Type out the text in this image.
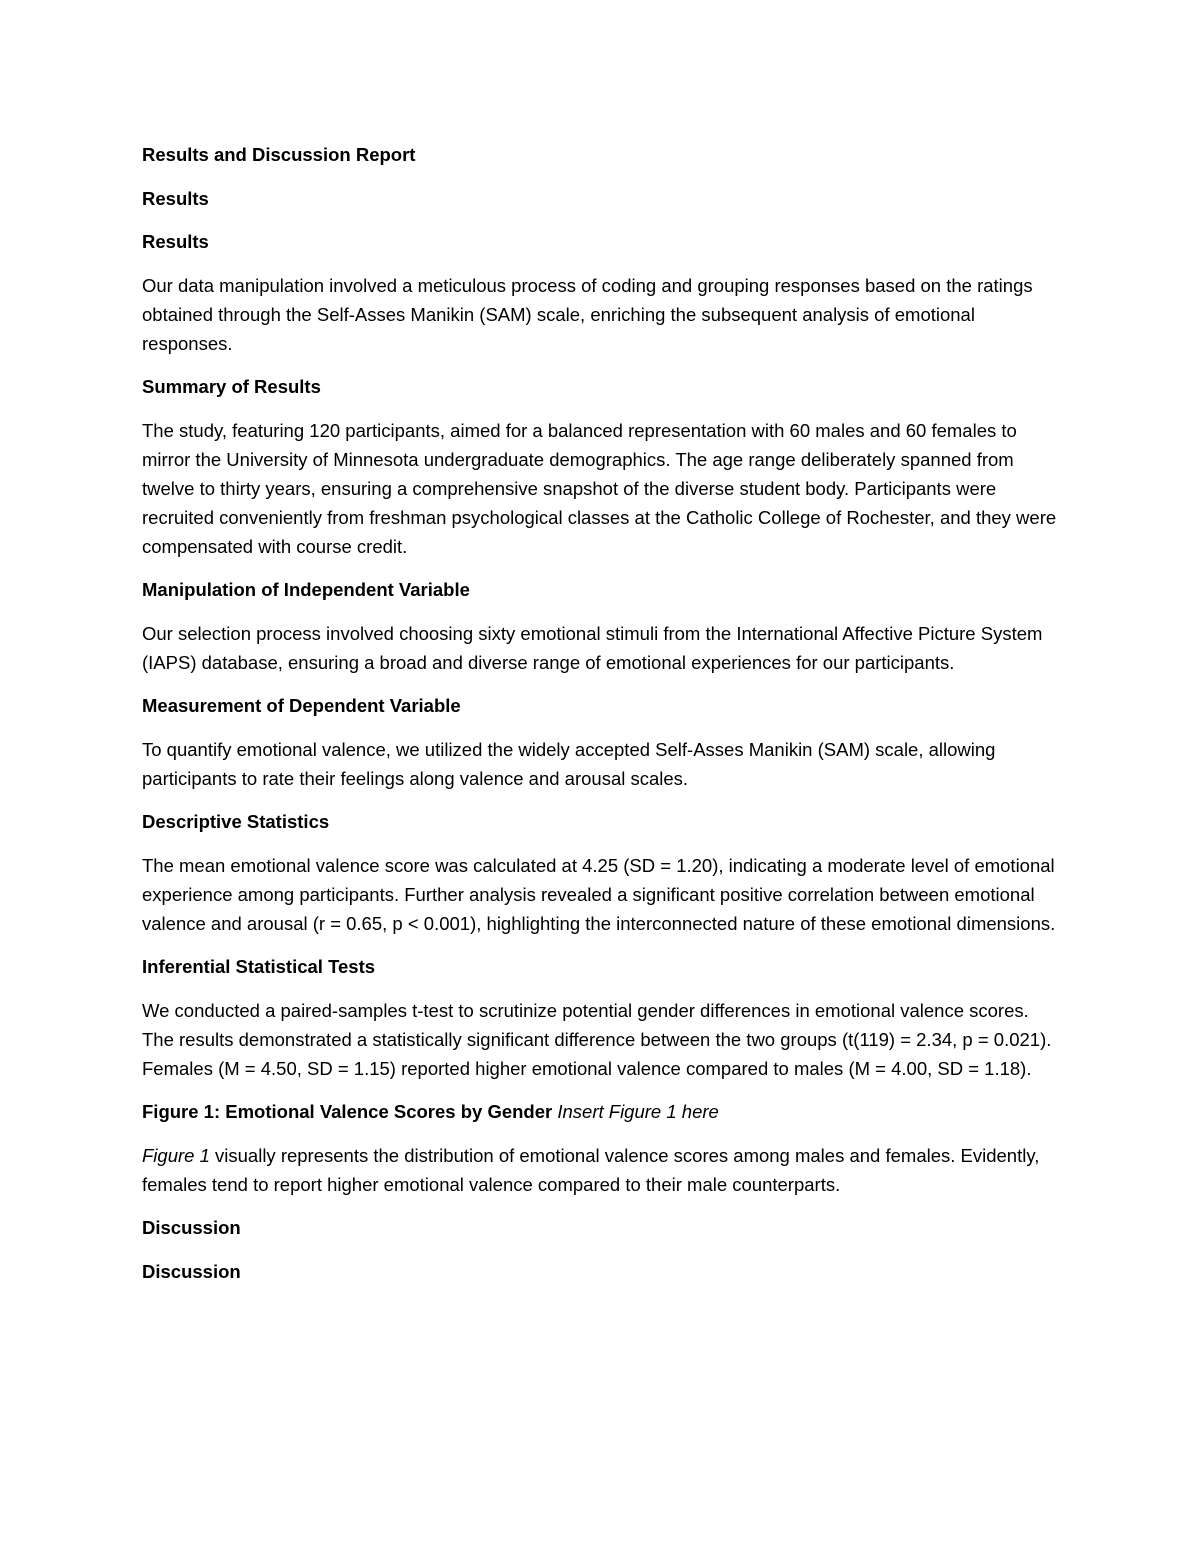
Results and Discussion Report

Results

Results

Our data manipulation involved a meticulous process of coding and grouping responses based on the ratings obtained through the Self-Asses Manikin (SAM) scale, enriching the subsequent analysis of emotional responses.

Summary of Results

The study, featuring 120 participants, aimed for a balanced representation with 60 males and 60 females to mirror the University of Minnesota undergraduate demographics. The age range deliberately spanned from twelve to thirty years, ensuring a comprehensive snapshot of the diverse student body. Participants were recruited conveniently from freshman psychological classes at the Catholic College of Rochester, and they were compensated with course credit.

Manipulation of Independent Variable

Our selection process involved choosing sixty emotional stimuli from the International Affective Picture System (IAPS) database, ensuring a broad and diverse range of emotional experiences for our participants.

Measurement of Dependent Variable

To quantify emotional valence, we utilized the widely accepted Self-Asses Manikin (SAM) scale, allowing participants to rate their feelings along valence and arousal scales.

Descriptive Statistics

The mean emotional valence score was calculated at 4.25 (SD = 1.20), indicating a moderate level of emotional experience among participants. Further analysis revealed a significant positive correlation between emotional valence and arousal (r = 0.65, p < 0.001), highlighting the interconnected nature of these emotional dimensions.

Inferential Statistical Tests

We conducted a paired-samples t-test to scrutinize potential gender differences in emotional valence scores. The results demonstrated a statistically significant difference between the two groups (t(119) = 2.34, p = 0.021). Females (M = 4.50, SD = 1.15) reported higher emotional valence compared to males (M = 4.00, SD = 1.18).

Figure 1: Emotional Valence Scores by Gender Insert Figure 1 here

Figure 1 visually represents the distribution of emotional valence scores among males and females. Evidently, females tend to report higher emotional valence compared to their male counterparts.

Discussion

Discussion
